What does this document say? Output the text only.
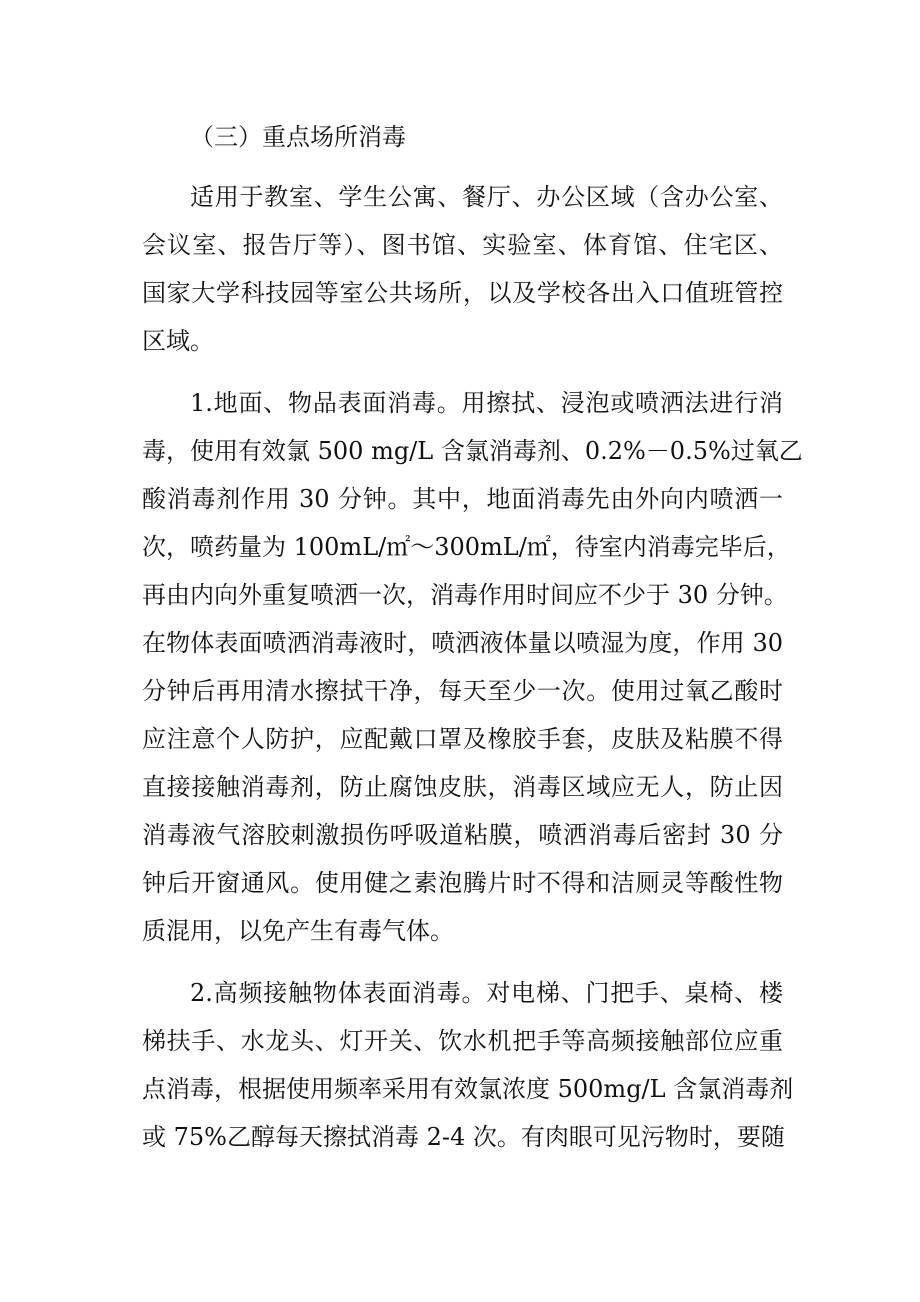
（三）重点场所消毒

适用于教室、学生公寓、餐厅、办公区域（含办公室、

会议室、报告厅等）、图书馆、实验室、体育馆、住宅区、

国家大学科技园等室公共场所，以及学校各出入口值班管控

区域。

1.地面、物品表面消毒。用擦拭、浸泡或喷洒法进行消

毒，使用有效氯 500 mg/L 含氯消毒剂、0.2%－0.5%过氧乙

酸消毒剂作用 30 分钟。其中，地面消毒先由外向内喷洒一

次，喷药量为 100mL/㎡～300mL/㎡，待室内消毒完毕后，

再由内向外重复喷洒一次，消毒作用时间应不少于 30 分钟。

在物体表面喷洒消毒液时，喷洒液体量以喷湿为度，作用 30

分钟后再用清水擦拭干净，每天至少一次。使用过氧乙酸时

应注意个人防护，应配戴口罩及橡胶手套，皮肤及粘膜不得

直接接触消毒剂，防止腐蚀皮肤，消毒区域应无人，防止因

消毒液气溶胶刺激损伤呼吸道粘膜，喷洒消毒后密封 30 分

钟后开窗通风。使用健之素泡腾片时不得和洁厕灵等酸性物

质混用，以免产生有毒气体。

2.高频接触物体表面消毒。对电梯、门把手、桌椅、楼

梯扶手、水龙头、灯开关、饮水机把手等高频接触部位应重

点消毒，根据使用频率采用有效氯浓度 500mg/L 含氯消毒剂

或 75%乙醇每天擦拭消毒 2-4 次。有肉眼可见污物时，要随
